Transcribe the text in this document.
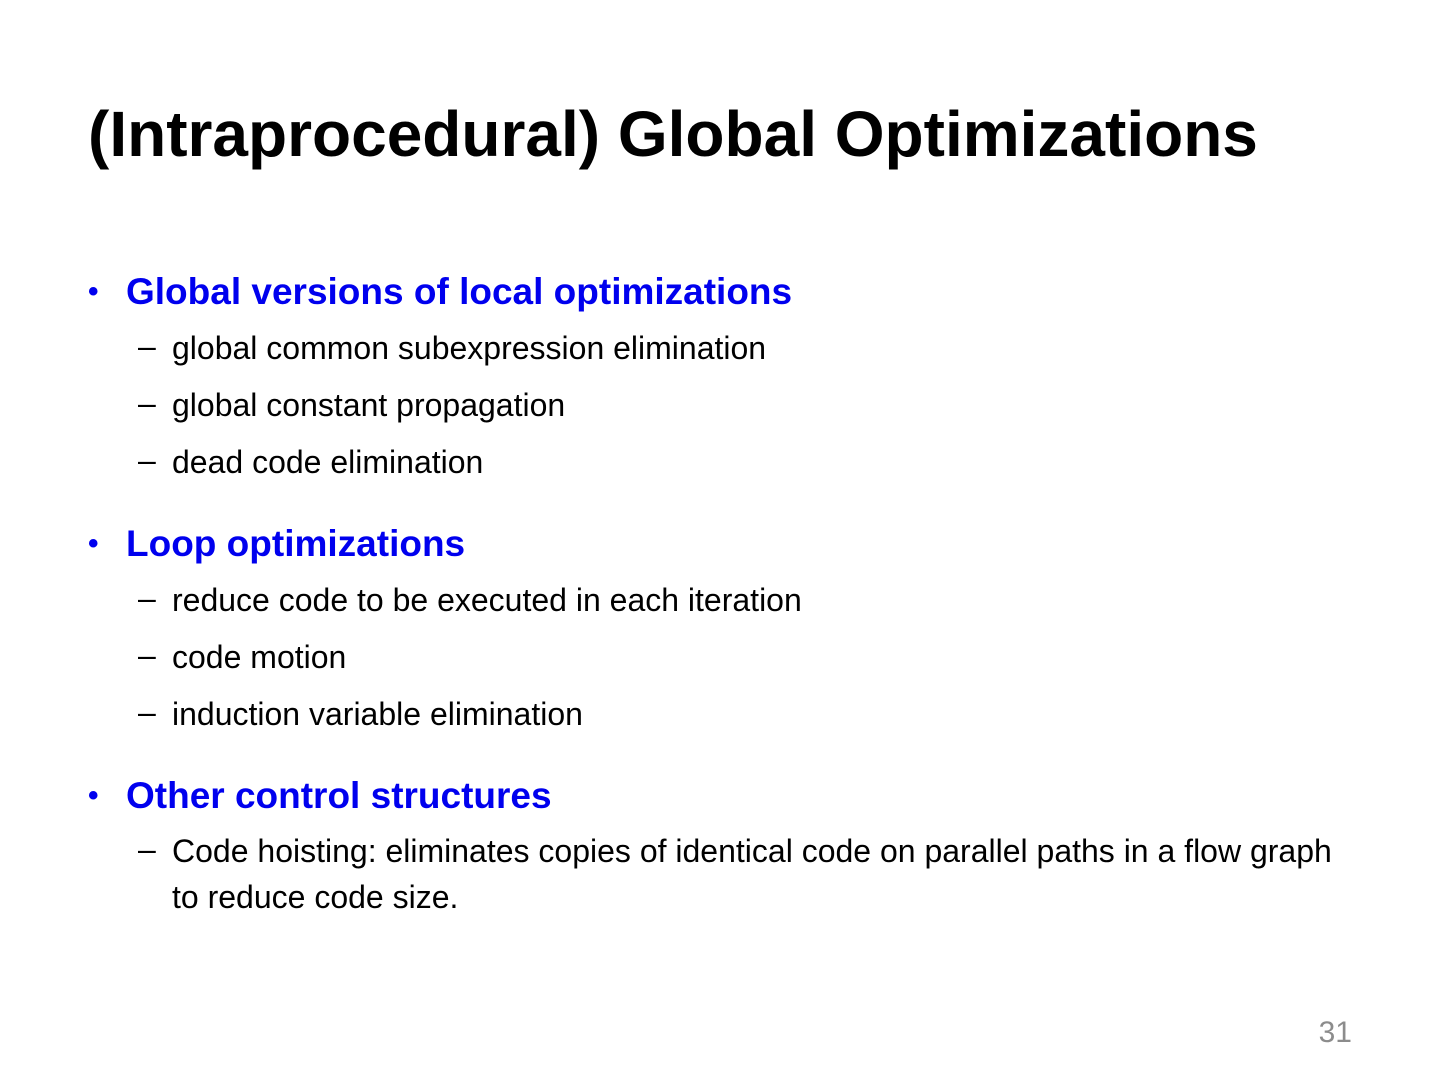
(Intraprocedural) Global Optimizations
• Global versions of local optimizations
– global common subexpression elimination
– global constant propagation
– dead code elimination
• Loop optimizations
– reduce code to be executed in each iteration
– code motion
– induction variable elimination
• Other control structures
– Code hoisting: eliminates copies of identical code on parallel paths in a flow graph to reduce code size.
31
